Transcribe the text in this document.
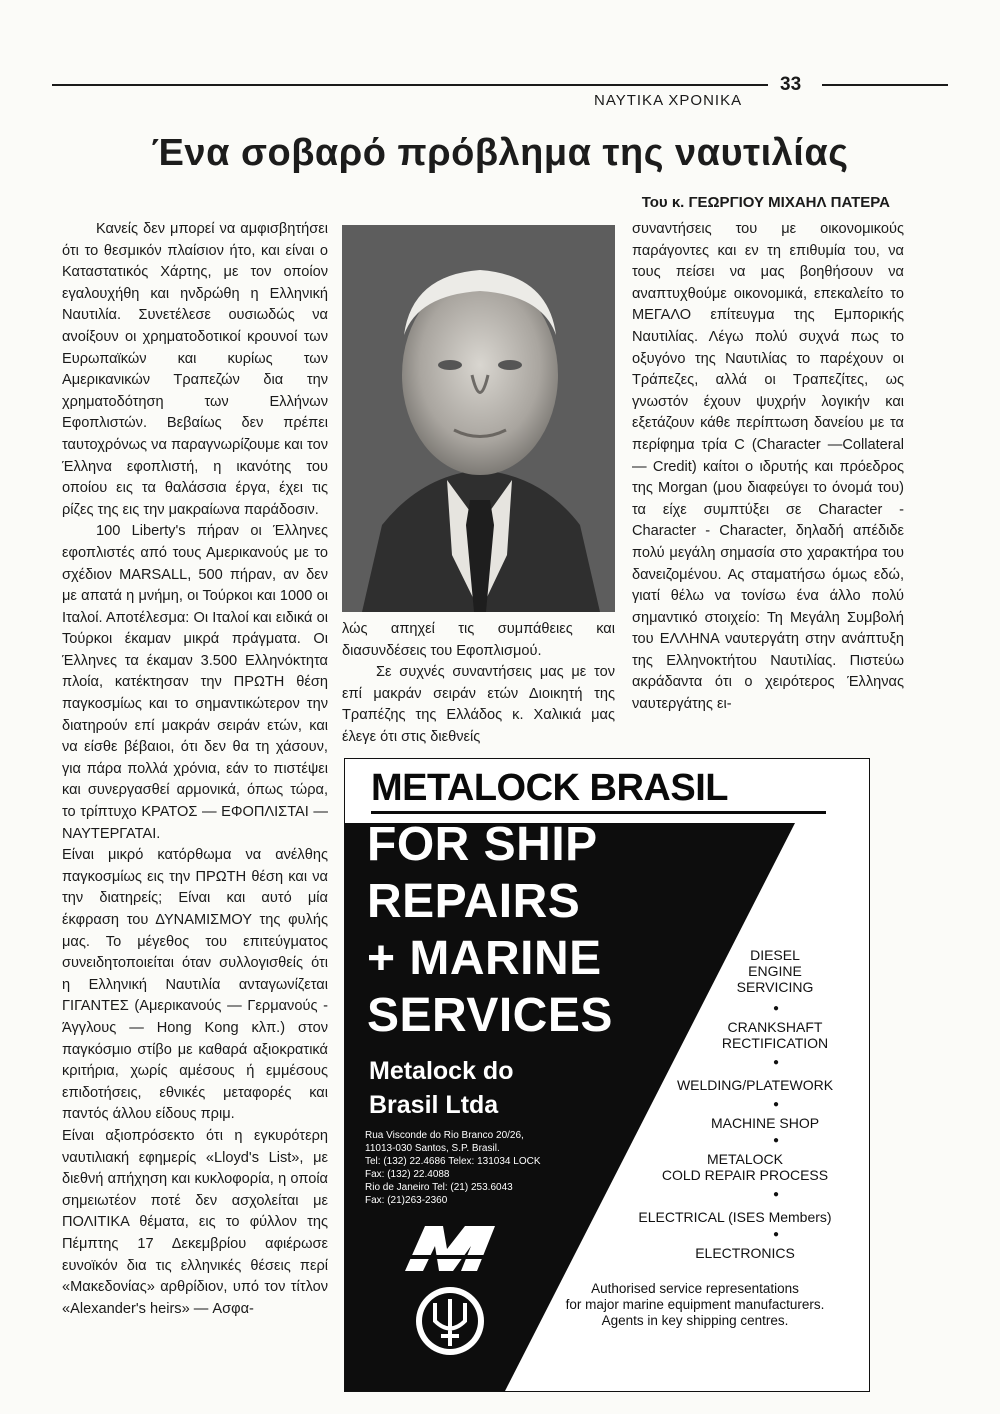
ΝΑΥΤΙΚΑ ΧΡΟΝΙΚΑ
33
Ένα σοβαρό πρόβλημα της ναυτιλίας
Του κ. ΓΕΩΡΓΙΟΥ ΜΙΧΑΗΛ ΠΑΤΕΡΑ

Κανείς δεν μπορεί να αμφισβητήσει ότι το θεσμικόν πλαίσιον ήτο, και είναι ο Καταστατικός Χάρτης, με τον οποίον εγαλουχήθη και ηνδρώθη η Ελληνική Ναυτιλία. Συνετέλεσε ουσιωδώς να ανοίξουν οι χρηματοδοτικοί κρουνοί των Ευρωπαϊκών και κυρίως των Αμερικανικών Τραπεζών δια την χρηματοδότηση των Ελλήνων Εφοπλιστών. Βεβαίως δεν πρέπει ταυτοχρόνως να παραγνωρίζουμε και τον Έλληνα εφοπλιστή, η ικανότης του οποίου εις τα θαλάσσια έργα, έχει τις ρίζες της εις την μακραίωνα παράδοσιν.

100 Liberty's πήραν οι Έλληνες εφοπλιστές από τους Αμερικανούς με το σχέδιον MARSALL, 500 πήραν, αν δεν με απατά η μνήμη, οι Τούρκοι και 1000 οι Ιταλοί. Αποτέλεσμα: Οι Ιταλοί και ειδικά οι Τούρκοι έκαμαν μικρά πράγματα. Οι Έλληνες τα έκαμαν 3.500 Ελληνόκτητα πλοία, κατέκτησαν την ΠΡΩΤΗ θέση παγκοσμίως και το σημαντικώτερον την διατηρούν επί μακράν σειράν ετών, και να είσθε βέβαιοι, ότι δεν θα τη χάσουν, για πάρα πολλά χρόνια, εάν το πιστέψει και συνεργασθεί αρμονικά, όπως τώρα, το τρίπτυχο ΚΡΑΤΟΣ — ΕΦΟΠΛΙΣΤΑΙ — ΝΑΥΤΕΡΓΑΤΑΙ.

Είναι μικρό κατόρθωμα να ανέλθης παγκοσμίως εις την ΠΡΩΤΗ θέση και να την διατηρείς; Είναι και αυτό μία έκφραση του ΔΥΝΑΜΙΣΜΟΥ της φυλής μας. Το μέγεθος του επιτεύγματος συνειδητοποιείται όταν συλλογισθείς ότι η Ελληνική Ναυτιλία ανταγωνίζεται ΓΙΓΑΝΤΕΣ (Αμερικανούς — Γερμανούς - Άγγλους — Hong Kong κλπ.) στον παγκόσμιο στίβο με καθαρά αξιοκρατικά κριτήρια, χωρίς αμέσους ή εμμέσους επιδοτήσεις, εθνικές μεταφορές και παντός άλλου είδους πριμ.

Είναι αξιοπρόσεκτο ότι η εγκυρότερη ναυτιλιακή εφημερίς «Lloyd's List», με διεθνή απήχηση και κυκλοφορία, η οποία σημειωτέον ποτέ δεν ασχολείται με ΠΟΛΙΤΙΚΑ θέματα, εις το φύλλον της Πέμπτης 17 Δεκεμβρίου αφιέρωσε ευνοϊκόν δια τις ελληνικές θέσεις περί «Μακεδονίας» αρθρίδιον, υπό τον τίτλον «Alexander's heirs» — Ασφα-

λώς απηχεί τις συμπάθειες και διασυνδέσεις του Εφοπλισμού.

Σε συχνές συναντήσεις μας με τον επί μακράν σειράν ετών Διοικητή της Τραπέζης της Ελλάδος κ. Χαλικιά μας έλεγε ότι στις διεθνείς

συναντήσεις του με οικονομικούς παράγοντες και εν τη επιθυμία του, να τους πείσει να μας βοηθήσουν να αναπτυχθούμε οικονομικά, επεκαλείτο το ΜΕΓΑΛΟ επίτευγμα της Εμπορικής Ναυτιλίας. Λέγω πολύ συχνά πως το οξυγόνο της Ναυτιλίας το παρέχουν οι Τράπεζες, αλλά οι Τραπεζίτες, ως γνωστόν έχουν ψυχρήν λογικήν και εξετάζουν κάθε περίπτωση δανείου με τα περίφημα τρία C (Character —Collateral — Credit) καίτοι ο ιδρυτής και πρόεδρος της Morgan (μου διαφεύγει το όνομά του) τα είχε συμπτύξει σε Character - Character - Character, δηλαδή απέδιδε πολύ μεγάλη σημασία στο χαρακτήρα του δανειζομένου. Ας σταματήσω όμως εδώ, γιατί θέλω να τονίσω ένα άλλο πολύ σημαντικό στοιχείο: Τη Μεγάλη Συμβολή του ΕΛΛΗΝΑ ναυτεργάτη στην ανάπτυξη της Ελληνοκτήτου Ναυτιλίας. Πιστεύω ακράδαντα ότι ο χειρότερος Έλληνας ναυτεργάτης ει-

METALOCK BRASIL
FOR SHIP
REPAIRS
+ MARINE
SERVICES
Metalock do
Brasil Ltda
Rua Visconde do Rio Branco 20/26,
11013-030 Santos, S.P. Brasil.
Tel: (132) 22.4686 Telex: 131034 LOCK
Fax: (132) 22.4088
Rio de Janeiro Tel: (21) 253.6043
Fax: (21)263-2360
DIESEL
ENGINE
SERVICING
●
CRANKSHAFT
RECTIFICATION
●
WELDING/PLATEWORK
●
MACHINE SHOP
●
METALOCK
COLD REPAIR PROCESS
●
ELECTRICAL (ISES Members)
●
ELECTRONICS
Authorised service representations
for major marine equipment manufacturers.
Agents in key shipping centres.
